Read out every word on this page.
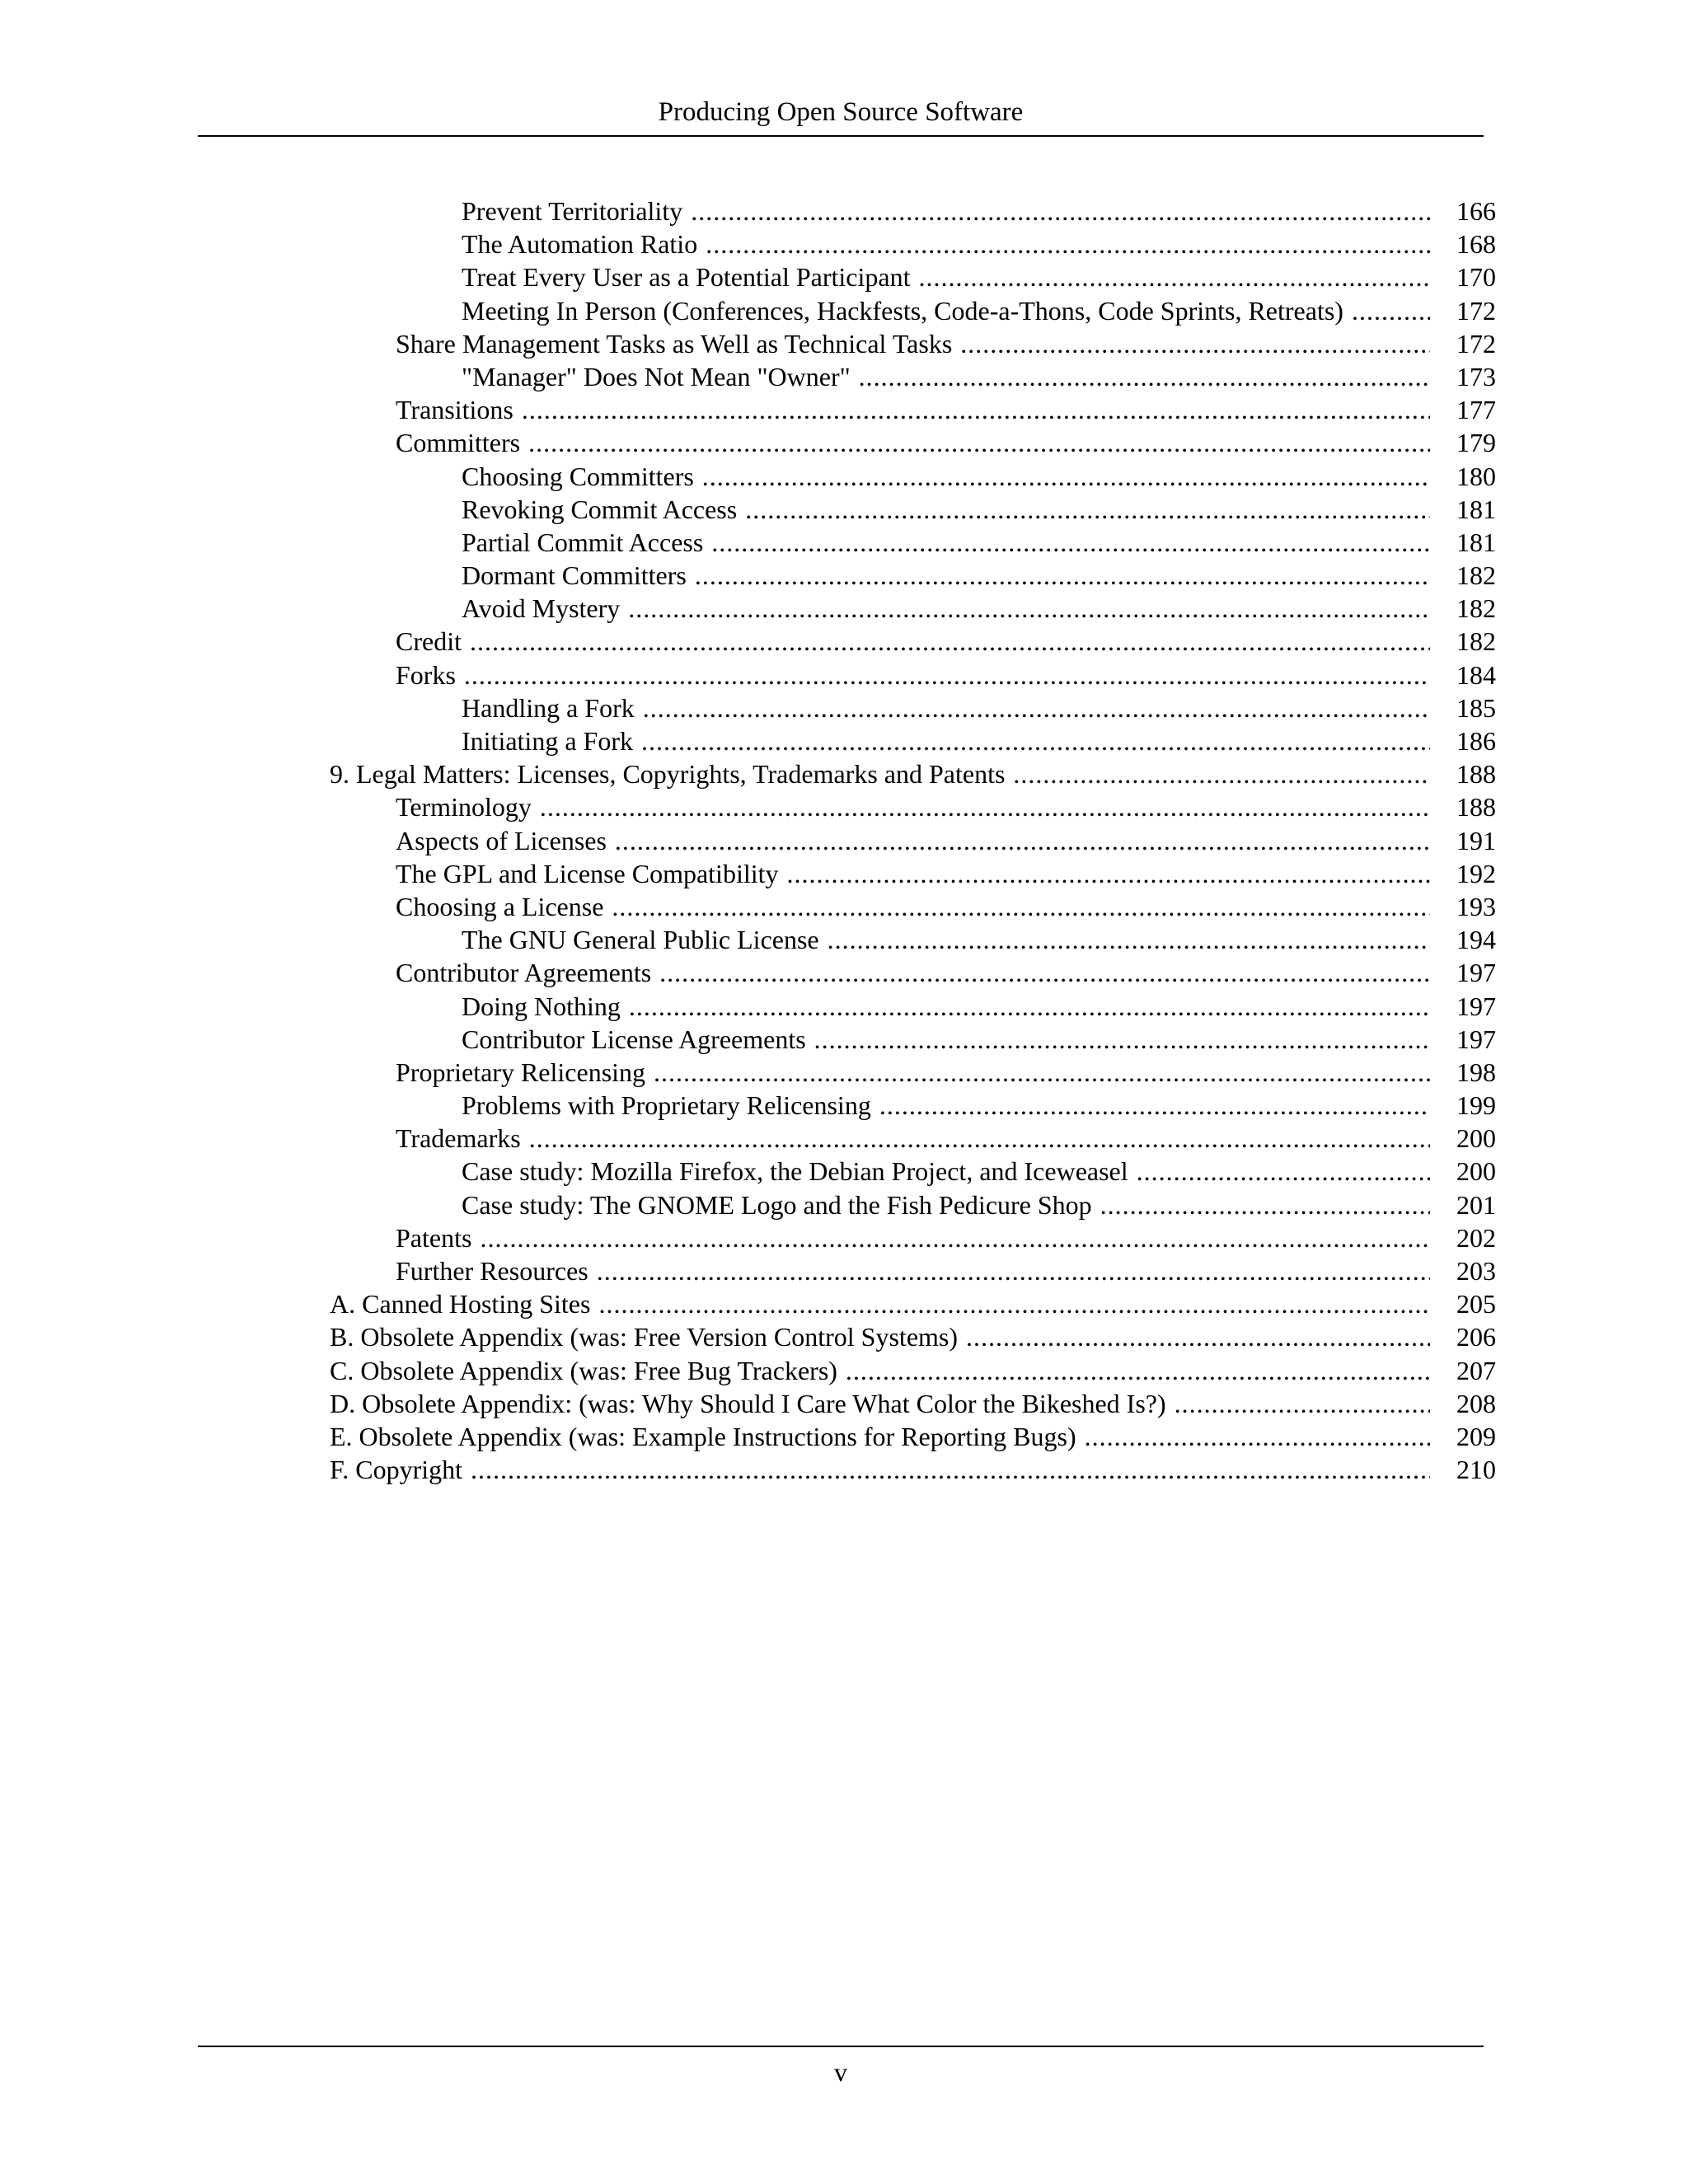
Producing Open Source Software
Prevent Territoriality .....	166
The Automation Ratio .....	168
Treat Every User as a Potential Participant .....	170
Meeting In Person (Conferences, Hackfests, Code-a-Thons, Code Sprints, Retreats) .....	172
Share Management Tasks as Well as Technical Tasks .....	172
"Manager" Does Not Mean "Owner" .....	173
Transitions .....	177
Committers .....	179
Choosing Committers .....	180
Revoking Commit Access .....	181
Partial Commit Access .....	181
Dormant Committers .....	182
Avoid Mystery .....	182
Credit .....	182
Forks .....	184
Handling a Fork .....	185
Initiating a Fork .....	186
9. Legal Matters: Licenses, Copyrights, Trademarks and Patents .....	188
Terminology .....	188
Aspects of Licenses .....	191
The GPL and License Compatibility .....	192
Choosing a License .....	193
The GNU General Public License .....	194
Contributor Agreements .....	197
Doing Nothing .....	197
Contributor License Agreements .....	197
Proprietary Relicensing .....	198
Problems with Proprietary Relicensing .....	199
Trademarks .....	200
Case study: Mozilla Firefox, the Debian Project, and Iceweasel .....	200
Case study: The GNOME Logo and the Fish Pedicure Shop .....	201
Patents .....	202
Further Resources .....	203
A. Canned Hosting Sites .....	205
B. Obsolete Appendix (was: Free Version Control Systems) .....	206
C. Obsolete Appendix (was: Free Bug Trackers) .....	207
D. Obsolete Appendix: (was: Why Should I Care What Color the Bikeshed Is?) .....	208
E. Obsolete Appendix (was: Example Instructions for Reporting Bugs) .....	209
F. Copyright .....	210
v
